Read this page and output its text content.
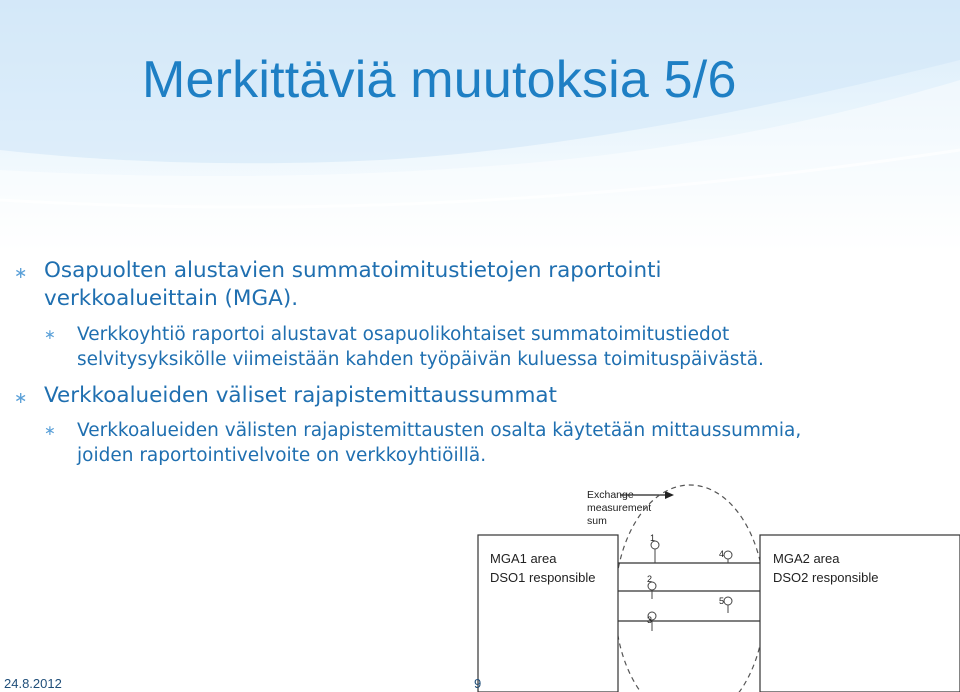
Merkittäviä muutoksia 5/6
∗ Osapuolten alustavien summatoimitustietojen raportointi
verkkoalueittain (MGA).
∗ Verkkoyhtiö raportoi alustavat osapuolikohtaiset summatoimitustiedot
selvitysyksikölle viimeistään kahden työpäivän kuluessa toimituspäivästä.
∗ Verkkoalueiden väliset rajapistemittaussummat
∗ Verkkoalueiden välisten rajapistemittausten osalta käytetään mittaussummia,
joiden raportointivelvoite on verkkoyhtiöillä.
Exchange
measurement
sum
MGA1 area
DSO1 responsible
MGA2 area
DSO2 responsible
1
2
3
4
5
24.8.2012	9
